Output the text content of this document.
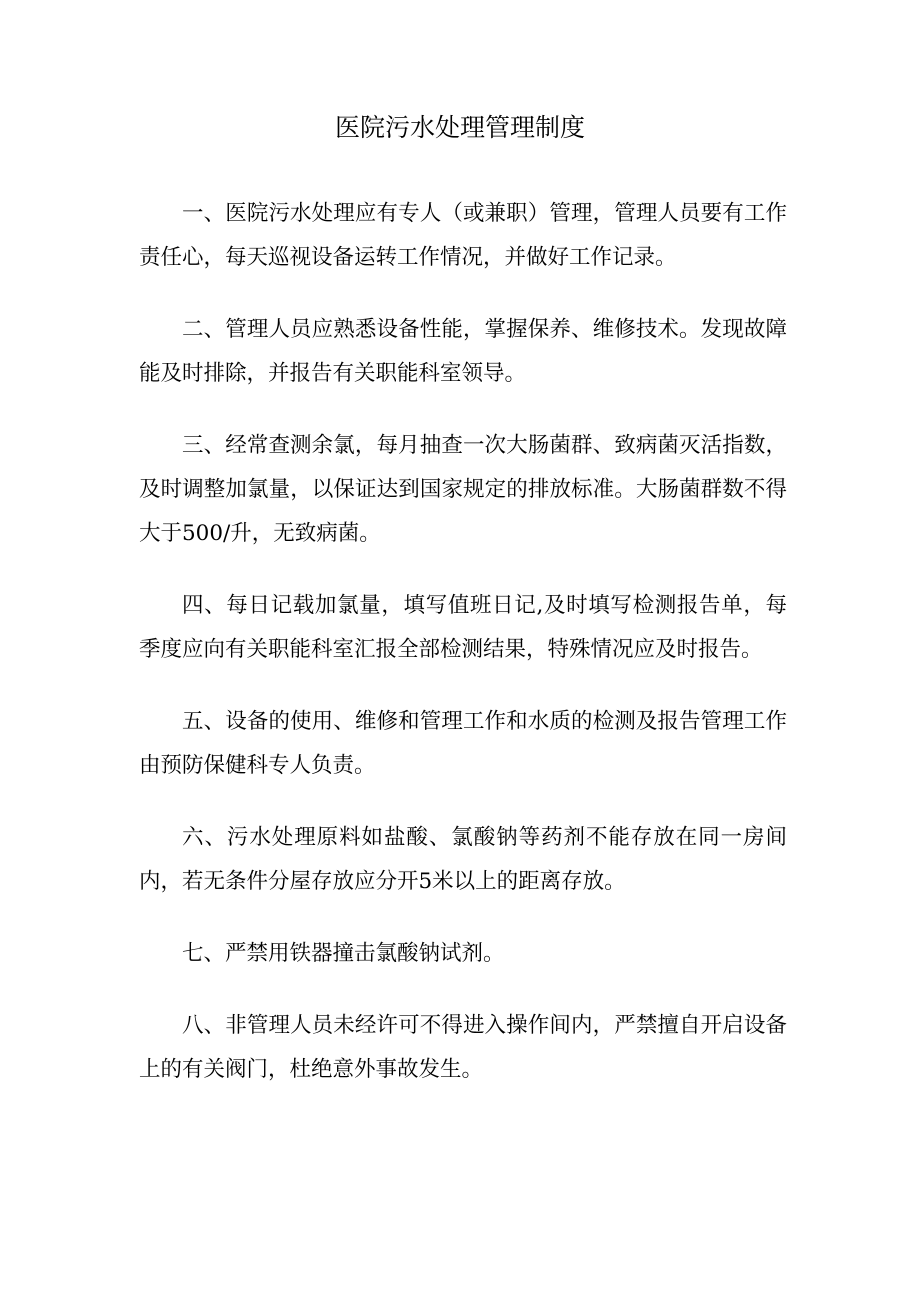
医院污水处理管理制度

一、医院污水处理应有专人（或兼职）管理，管理人员要有工作责任心，每天巡视设备运转工作情况，并做好工作记录。

二、管理人员应熟悉设备性能，掌握保养、维修技术。发现故障能及时排除，并报告有关职能科室领导。

三、经常查测余氯，每月抽查一次大肠菌群、致病菌灭活指数，及时调整加氯量，以保证达到国家规定的排放标准。大肠菌群数不得大于500/升，无致病菌。

四、每日记载加氯量，填写值班日记,及时填写检测报告单，每季度应向有关职能科室汇报全部检测结果，特殊情况应及时报告。

五、设备的使用、维修和管理工作和水质的检测及报告管理工作由预防保健科专人负责。

六、污水处理原料如盐酸、氯酸钠等药剂不能存放在同一房间内，若无条件分屋存放应分开5米以上的距离存放。

七、严禁用铁器撞击氯酸钠试剂。

八、非管理人员未经许可不得进入操作间内，严禁擅自开启设备上的有关阀门，杜绝意外事故发生。
